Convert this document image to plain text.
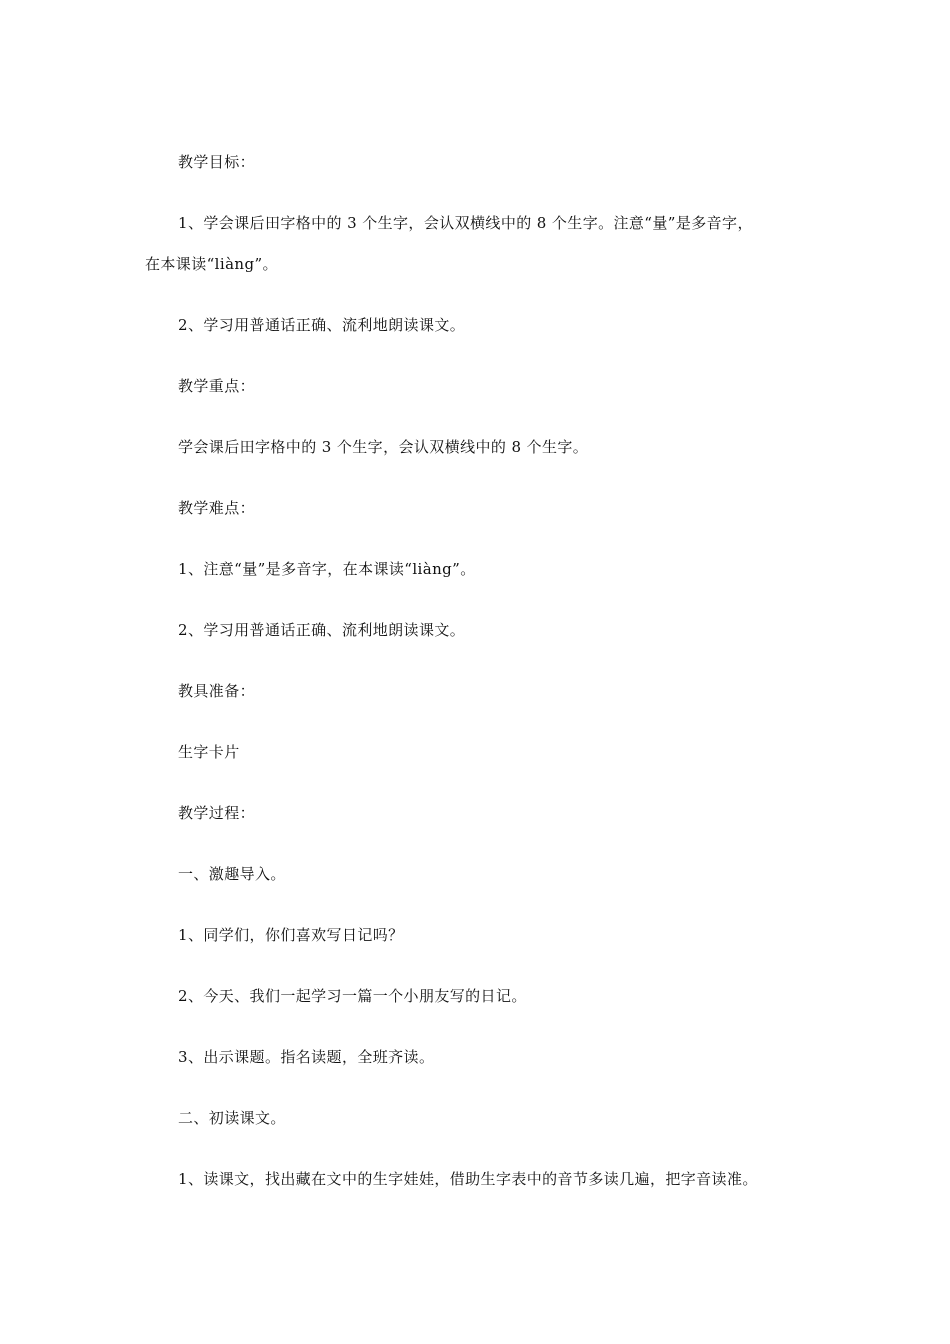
教学目标：
1、学会课后田字格中的 3 个生字，会认双横线中的 8 个生字。注意“量”是多音字，
在本课读“liàng”。
2、学习用普通话正确、流利地朗读课文。
教学重点：
学会课后田字格中的 3 个生字，会认双横线中的 8 个生字。
教学难点：
1、注意“量”是多音字，在本课读“liàng”。
2、学习用普通话正确、流利地朗读课文。
教具准备：
生字卡片
教学过程：
一、激趣导入。
1、同学们，你们喜欢写日记吗？
2、今天、我们一起学习一篇一个小朋友写的日记。
3、出示课题。指名读题，全班齐读。
二、初读课文。
1、读课文，找出藏在文中的生字娃娃，借助生字表中的音节多读几遍，把字音读准。
